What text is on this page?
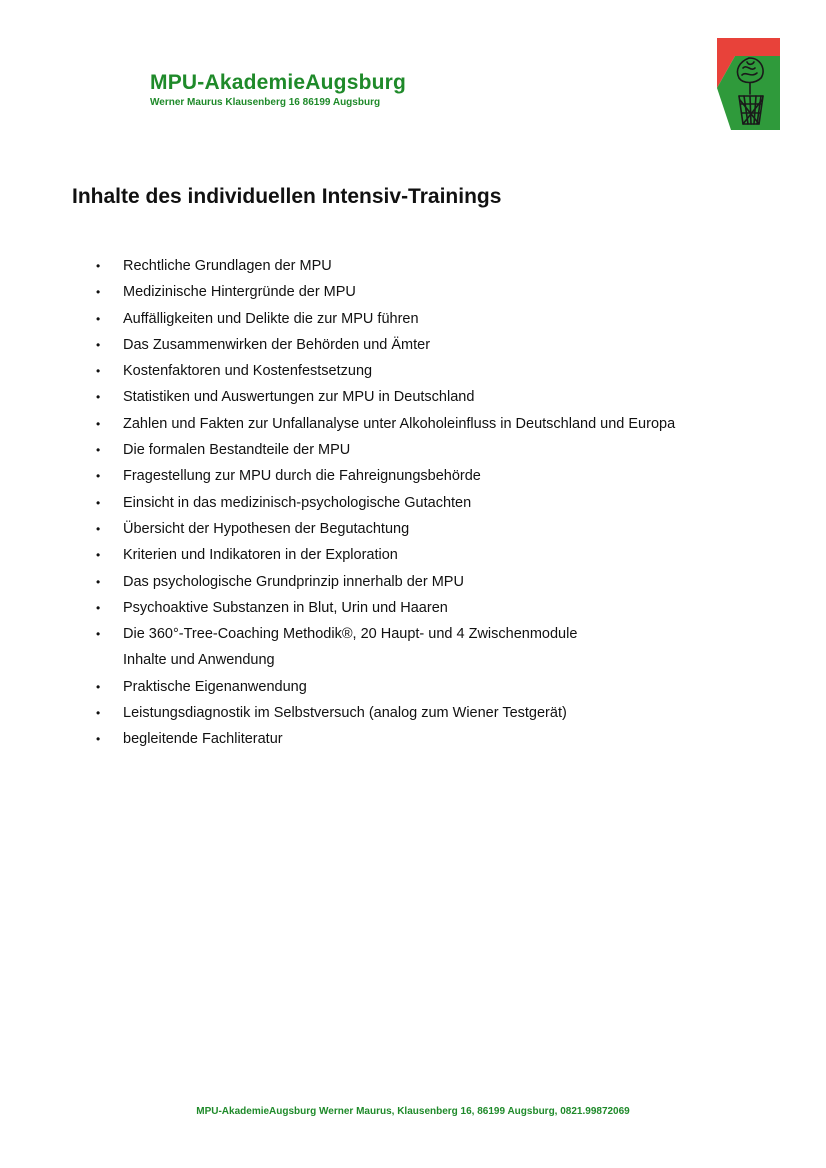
MPU-AkademieAugsburg
Werner Maurus Klausenberg 16 86199 Augsburg
Inhalte des individuellen Intensiv-Trainings
• Rechtliche Grundlagen der MPU
• Medizinische Hintergründe der MPU
• Auffälligkeiten und Delikte die zur MPU führen
• Das Zusammenwirken der Behörden und Ämter
• Kostenfaktoren und Kostenfestsetzung
• Statistiken und Auswertungen zur MPU in Deutschland
• Zahlen und Fakten zur Unfallanalyse unter Alkoholeinfluss in Deutschland und Europa
• Die formalen Bestandteile der MPU
• Fragestellung zur MPU durch die Fahreignungsbehörde
• Einsicht in das medizinisch-psychologische Gutachten
• Übersicht der Hypothesen der Begutachtung
• Kriterien und Indikatoren in der Exploration
• Das psychologische Grundprinzip innerhalb der MPU
• Psychoaktive Substanzen in Blut, Urin und Haaren
• Die 360°-Tree-Coaching Methodik®, 20 Haupt- und 4 Zwischenmodule
Inhalte und Anwendung
• Praktische Eigenanwendung
• Leistungsdiagnostik im Selbstversuch (analog zum Wiener Testgerät)
• begleitende Fachliteratur
MPU-AkademieAugsburg Werner Maurus, Klausenberg 16, 86199 Augsburg, 0821.99872069
